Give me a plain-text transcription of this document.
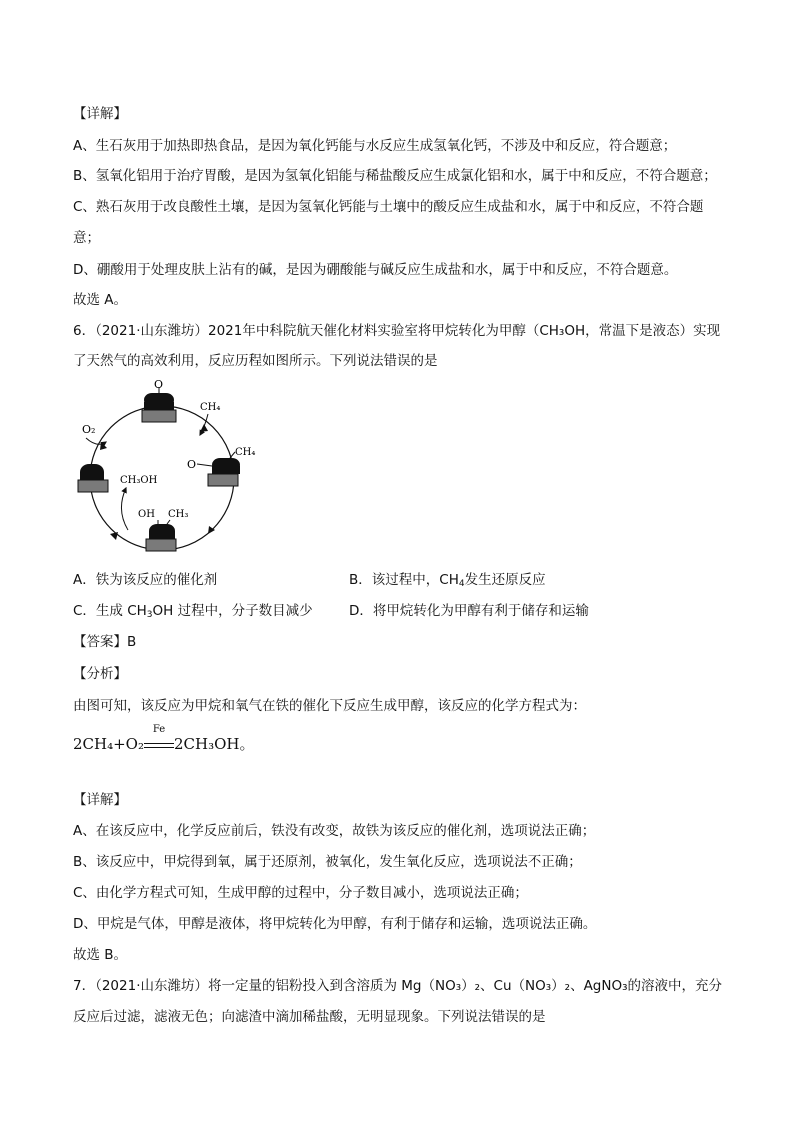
【详解】
A、生石灰用于加热即热食品，是因为氧化钙能与水反应生成氢氧化钙，不涉及中和反应，符合题意；
B、氢氧化铝用于治疗胃酸，是因为氢氧化铝能与稀盐酸反应生成氯化铝和水，属于中和反应，不符合题意；
C、熟石灰用于改良酸性土壤，是因为氢氧化钙能与土壤中的酸反应生成盐和水，属于中和反应，不符合题
意；
D、硼酸用于处理皮肤上沾有的碱，是因为硼酸能与碱反应生成盐和水，属于中和反应，不符合题意。
故选 A。
6．（2021·山东潍坊）2021年中科院航天催化材料实验室将甲烷转化为甲醇（CH₃OH，常温下是液态）实现
了天然气的高效利用，反应历程如图所示。下列说法错误的是
O
O
CH₄
OH CH₃
O₂
CH₄
CH₃OH
A．铁为该反应的催化剂	B．该过程中，$CH_4$发生还原反应
C．生成 $CH_3OH$ 过程中，分子数目减少	D．将甲烷转化为甲醇有利于储存和运输
【答案】B
【分析】
由图可知，该反应为甲烷和氧气在铁的催化下反应生成甲醇，该反应的化学方程式为：
2CH₄+O₂
Fe
2CH₃OH。
【详解】
A、在该反应中，化学反应前后，铁没有改变，故铁为该反应的催化剂，选项说法正确；
B、该反应中，甲烷得到氧，属于还原剂，被氧化，发生氧化反应，选项说法不正确；
C、由化学方程式可知，生成甲醇的过程中，分子数目减小，选项说法正确；
D、甲烷是气体，甲醇是液体，将甲烷转化为甲醇，有利于储存和运输，选项说法正确。
故选 B。
7．（2021·山东潍坊）将一定量的铝粉投入到含溶质为 Mg（NO₃）₂、Cu（NO₃）₂、AgNO₃的溶液中，充分
反应后过滤，滤液无色；向滤渣中滴加稀盐酸，无明显现象。下列说法错误的是
